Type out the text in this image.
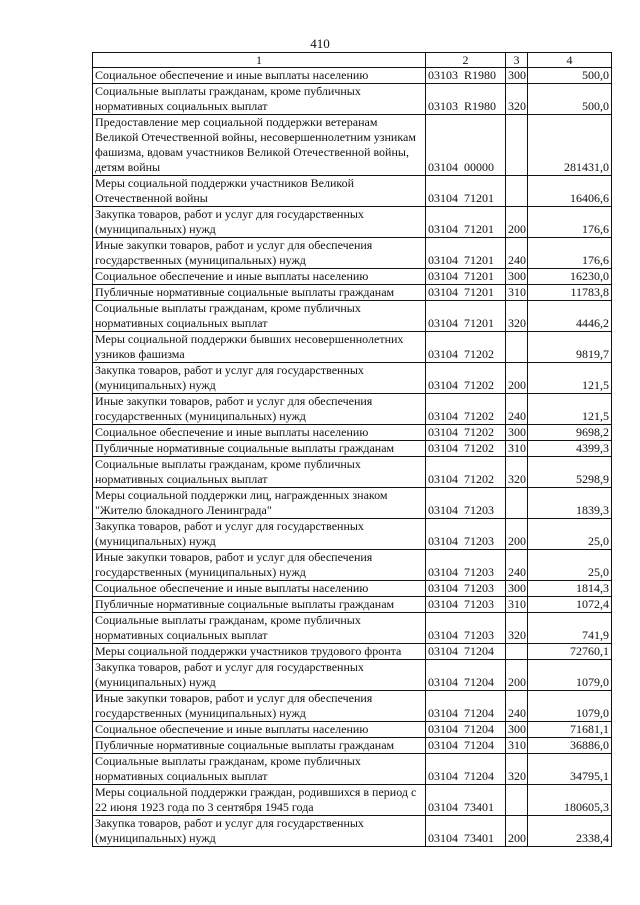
410
1	2	3	4
Социальное обеспечение и иные выплаты населению	03103 R1980	300	500,0
Социальные выплаты гражданам, кроме публичных нормативных социальных выплат	03103 R1980	320	500,0
Предоставление мер социальной поддержки ветеранам Великой Отечественной войны, несовершеннолетним узникам фашизма, вдовам участников Великой Отечественной войны, детям войны	03104 00000		281431,0
Меры социальной поддержки участников Великой Отечественной войны	03104 71201		16406,6
Закупка товаров, работ и услуг для государственных (муниципальных) нужд	03104 71201	200	176,6
Иные закупки товаров, работ и услуг для обеспечения государственных (муниципальных) нужд	03104 71201	240	176,6
Социальное обеспечение и иные выплаты населению	03104 71201	300	16230,0
Публичные нормативные социальные выплаты гражданам	03104 71201	310	11783,8
Социальные выплаты гражданам, кроме публичных нормативных социальных выплат	03104 71201	320	4446,2
Меры социальной поддержки бывших несовершеннолетних узников фашизма	03104 71202		9819,7
Закупка товаров, работ и услуг для государственных (муниципальных) нужд	03104 71202	200	121,5
Иные закупки товаров, работ и услуг для обеспечения государственных (муниципальных) нужд	03104 71202	240	121,5
Социальное обеспечение и иные выплаты населению	03104 71202	300	9698,2
Публичные нормативные социальные выплаты гражданам	03104 71202	310	4399,3
Социальные выплаты гражданам, кроме публичных нормативных социальных выплат	03104 71202	320	5298,9
Меры социальной поддержки лиц, награжденных знаком "Жителю блокадного Ленинграда"	03104 71203		1839,3
Закупка товаров, работ и услуг для государственных (муниципальных) нужд	03104 71203	200	25,0
Иные закупки товаров, работ и услуг для обеспечения государственных (муниципальных) нужд	03104 71203	240	25,0
Социальное обеспечение и иные выплаты населению	03104 71203	300	1814,3
Публичные нормативные социальные выплаты гражданам	03104 71203	310	1072,4
Социальные выплаты гражданам, кроме публичных нормативных социальных выплат	03104 71203	320	741,9
Меры социальной поддержки участников трудового фронта	03104 71204		72760,1
Закупка товаров, работ и услуг для государственных (муниципальных) нужд	03104 71204	200	1079,0
Иные закупки товаров, работ и услуг для обеспечения государственных (муниципальных) нужд	03104 71204	240	1079,0
Социальное обеспечение и иные выплаты населению	03104 71204	300	71681,1
Публичные нормативные социальные выплаты гражданам	03104 71204	310	36886,0
Социальные выплаты гражданам, кроме публичных нормативных социальных выплат	03104 71204	320	34795,1
Меры социальной поддержки граждан, родившихся в период с 22 июня 1923 года по 3 сентября 1945 года	03104 73401		180605,3
Закупка товаров, работ и услуг для государственных (муниципальных) нужд	03104 73401	200	2338,4
